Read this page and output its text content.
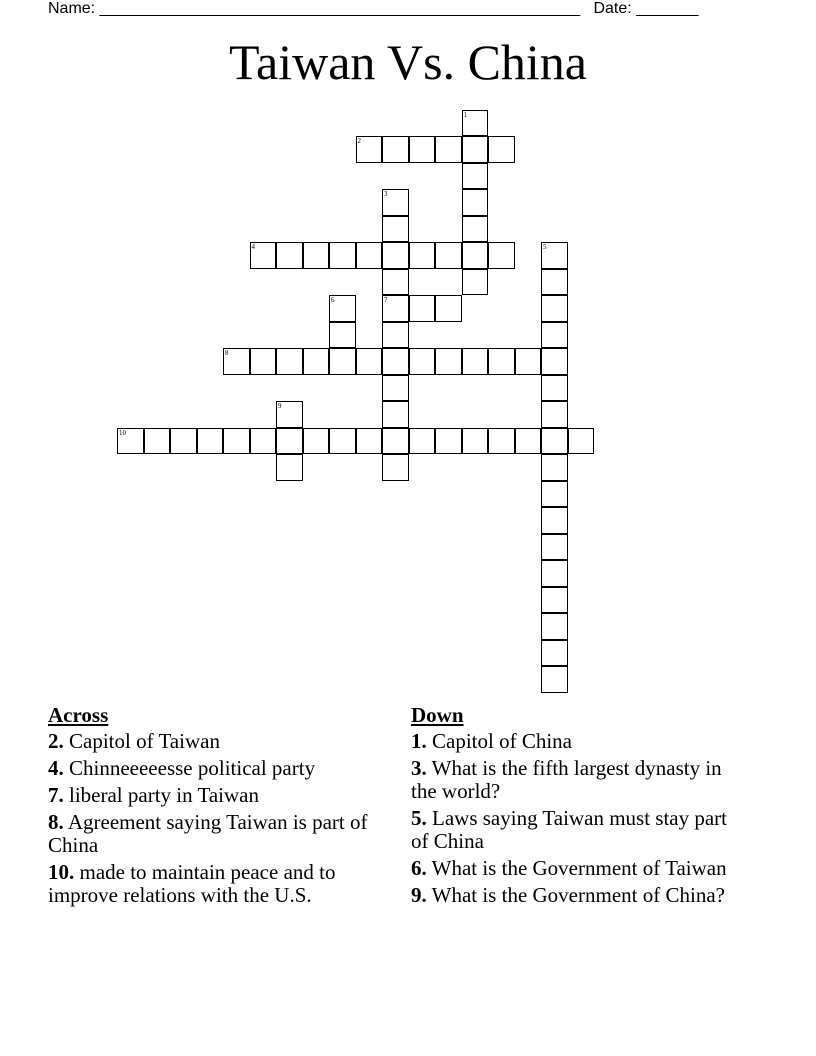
Name: ______________________________________________________ Date: _______
Taiwan Vs. China
1
2
3
7
4	5
6
8
9
10
Across
2. Capitol of Taiwan
4. Chinneeeeesse political party
7. liberal party in Taiwan
8. Agreement saying Taiwan is part of China
10. made to maintain peace and to improve relations with the U.S.
Down
1. Capitol of China
3. What is the fifth largest dynasty in the world?
5. Laws saying Taiwan must stay part of China
6. What is the Government of Taiwan
9. What is the Government of China?
